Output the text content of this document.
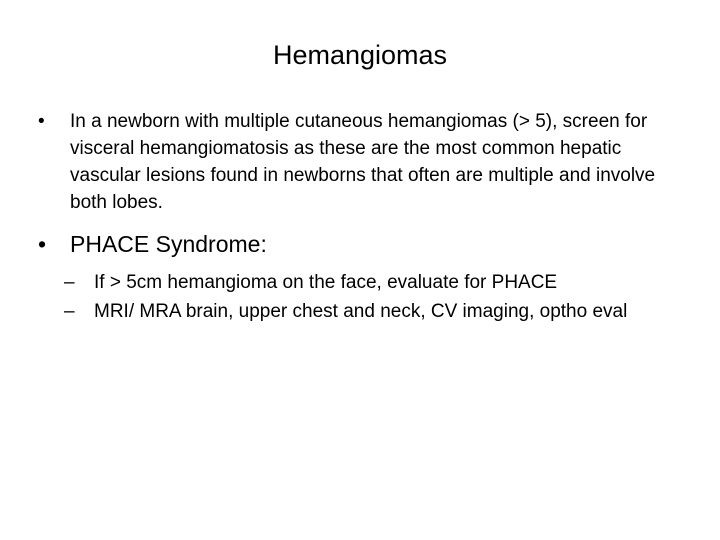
Hemangiomas

• In a newborn with multiple cutaneous hemangiomas (> 5), screen for visceral hemangiomatosis as these are the most common hepatic vascular lesions found in newborns that often are multiple and involve both lobes.

• PHACE Syndrome:

– If > 5cm hemangioma on the face, evaluate for PHACE

– MRI/ MRA brain, upper chest and neck, CV imaging, optho eval
